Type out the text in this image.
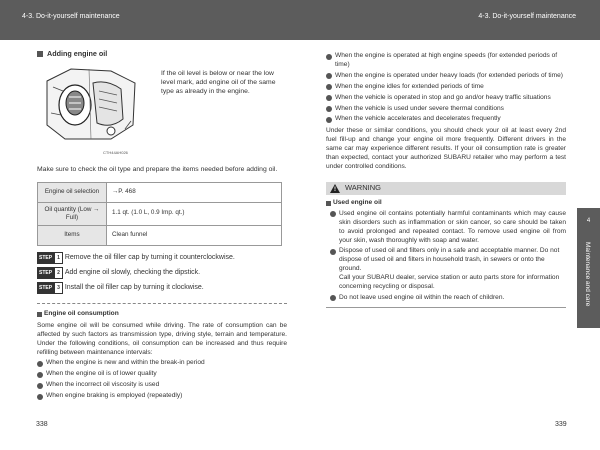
4-3. Do-it-yourself maintenance	4-3. Do-it-yourself maintenance
Adding engine oil
CTH44AH026
If the oil level is below or near the low level mark, add engine oil of the same type as already in the engine.
Make sure to check the oil type and prepare the items needed before adding oil.
Engine oil selection	→P. 468
Oil quantity (Low → Full)	1.1 qt. (1.0 L, 0.9 Imp. qt.)
Items	Clean funnel
STEP	1 Remove the oil filler cap by turning it counterclockwise.
STEP	2 Add engine oil slowly, checking the dipstick.
STEP	3 Install the oil filler cap by turning it clockwise.
Engine oil consumption
Some engine oil will be consumed while driving. The rate of consumption can be affected by such factors as transmission type, driving style, terrain and temperature. Under the following conditions, oil consumption can be increased and thus require refilling between maintenance intervals:
When the engine is new and within the break-in period
When the engine oil is of lower quality
When the incorrect oil viscosity is used
When engine braking is employed (repeatedly)
When the engine is operated at high engine speeds (for extended periods of time)
When the engine is operated under heavy loads (for extended periods of time)
When the engine idles for extended periods of time
When the vehicle is operated in stop and go and/or heavy traffic situations
When the vehicle is used under severe thermal conditions
When the vehicle accelerates and decelerates frequently
Under these or similar conditions, you should check your oil at least every 2nd fuel fill-up and change your engine oil more frequently. Different drivers in the same car may experience different results. If your oil consumption rate is greater than expected, contact your authorized SUBARU retailer who may perform a test under controlled conditions.
! WARNING
Used engine oil
Used engine oil contains potentially harmful contaminants which may cause skin disorders such as inflammation or skin cancer, so care should be taken to avoid prolonged and repeated contact. To remove used engine oil from your skin, wash thoroughly with soap and water.
Dispose of used oil and filters only in a safe and acceptable manner. Do not dispose of used oil and filters in household trash, in sewers or onto the ground.
Call your SUBARU dealer, service station or auto parts store for information concerning recycling or disposal.
Do not leave used engine oil within the reach of children.
4
Maintenance and care
338	339
